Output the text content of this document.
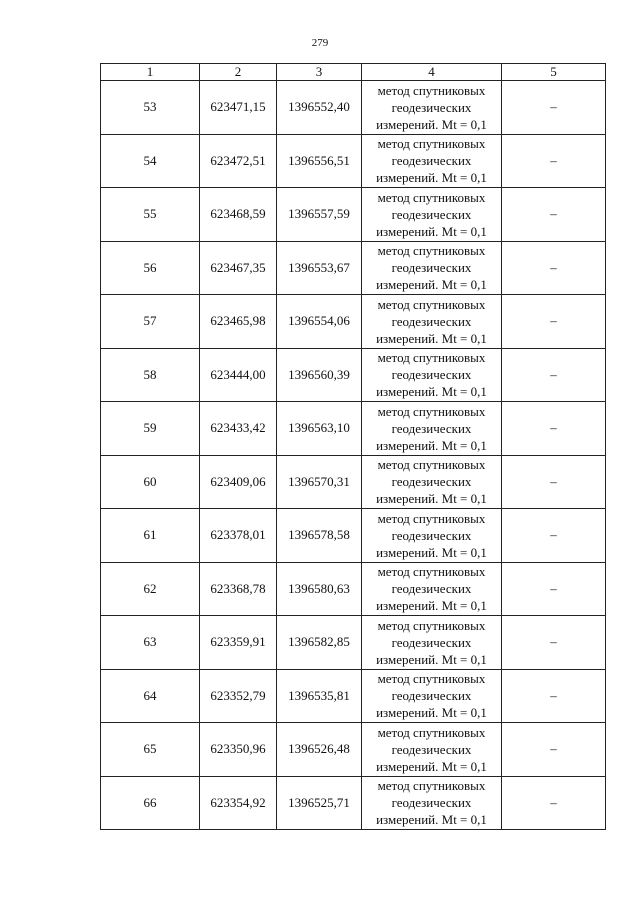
279
1	2	3	4	5
53	623471,15	1396552,40	метод спутниковых
геодезических
измерений. Mt = 0,1	–
54	623472,51	1396556,51	метод спутниковых
геодезических
измерений. Mt = 0,1	–
55	623468,59	1396557,59	метод спутниковых
геодезических
измерений. Mt = 0,1	–
56	623467,35	1396553,67	метод спутниковых
геодезических
измерений. Mt = 0,1	–
57	623465,98	1396554,06	метод спутниковых
геодезических
измерений. Mt = 0,1	–
58	623444,00	1396560,39	метод спутниковых
геодезических
измерений. Mt = 0,1	–
59	623433,42	1396563,10	метод спутниковых
геодезических
измерений. Mt = 0,1	–
60	623409,06	1396570,31	метод спутниковых
геодезических
измерений. Mt = 0,1	–
61	623378,01	1396578,58	метод спутниковых
геодезических
измерений. Mt = 0,1	–
62	623368,78	1396580,63	метод спутниковых
геодезических
измерений. Mt = 0,1	–
63	623359,91	1396582,85	метод спутниковых
геодезических
измерений. Mt = 0,1	–
64	623352,79	1396535,81	метод спутниковых
геодезических
измерений. Mt = 0,1	–
65	623350,96	1396526,48	метод спутниковых
геодезических
измерений. Mt = 0,1	–
66	623354,92	1396525,71	метод спутниковых
геодезических
измерений. Mt = 0,1	–
